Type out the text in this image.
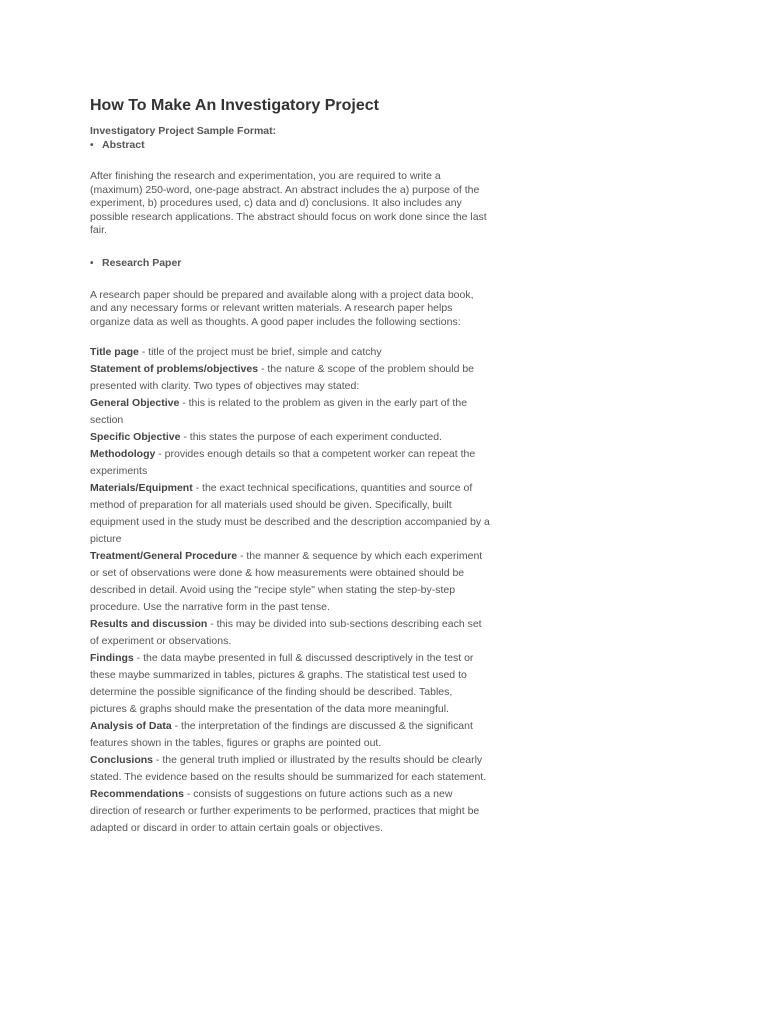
How To Make An Investigatory Project
Investigatory Project Sample Format:
• Abstract

After finishing the research and experimentation, you are required to write a (maximum) 250-word, one-page abstract. An abstract includes the a) purpose of the experiment, b) procedures used, c) data and d) conclusions. It also includes any possible research applications. The abstract should focus on work done since the last fair.

• Research Paper

A research paper should be prepared and available along with a project data book, and any necessary forms or relevant written materials. A research paper helps organize data as well as thoughts. A good paper includes the following sections:

Title page - title of the project must be brief, simple and catchy

Statement of problems/objectives - the nature & scope of the problem should be presented with clarity. Two types of objectives may stated:

General Objective - this is related to the problem as given in the early part of the section

Specific Objective - this states the purpose of each experiment conducted.

Methodology - provides enough details so that a competent worker can repeat the experiments

Materials/Equipment - the exact technical specifications, quantities and source of method of preparation for all materials used should be given. Specifically, built equipment used in the study must be described and the description accompanied by a picture

Treatment/General Procedure - the manner & sequence by which each experiment or set of observations were done & how measurements were obtained should be described in detail. Avoid using the "recipe style" when stating the step-by-step procedure. Use the narrative form in the past tense.

Results and discussion - this may be divided into sub-sections describing each set of experiment or observations.

Findings - the data maybe presented in full & discussed descriptively in the test or these maybe summarized in tables, pictures & graphs. The statistical test used to determine the possible significance of the finding should be described. Tables, pictures & graphs should make the presentation of the data more meaningful.

Analysis of Data - the interpretation of the findings are discussed & the significant features shown in the tables, figures or graphs are pointed out.

Conclusions - the general truth implied or illustrated by the results should be clearly stated. The evidence based on the results should be summarized for each statement.

Recommendations - consists of suggestions on future actions such as a new direction of research or further experiments to be performed, practices that might be adapted or discard in order to attain certain goals or objectives.
